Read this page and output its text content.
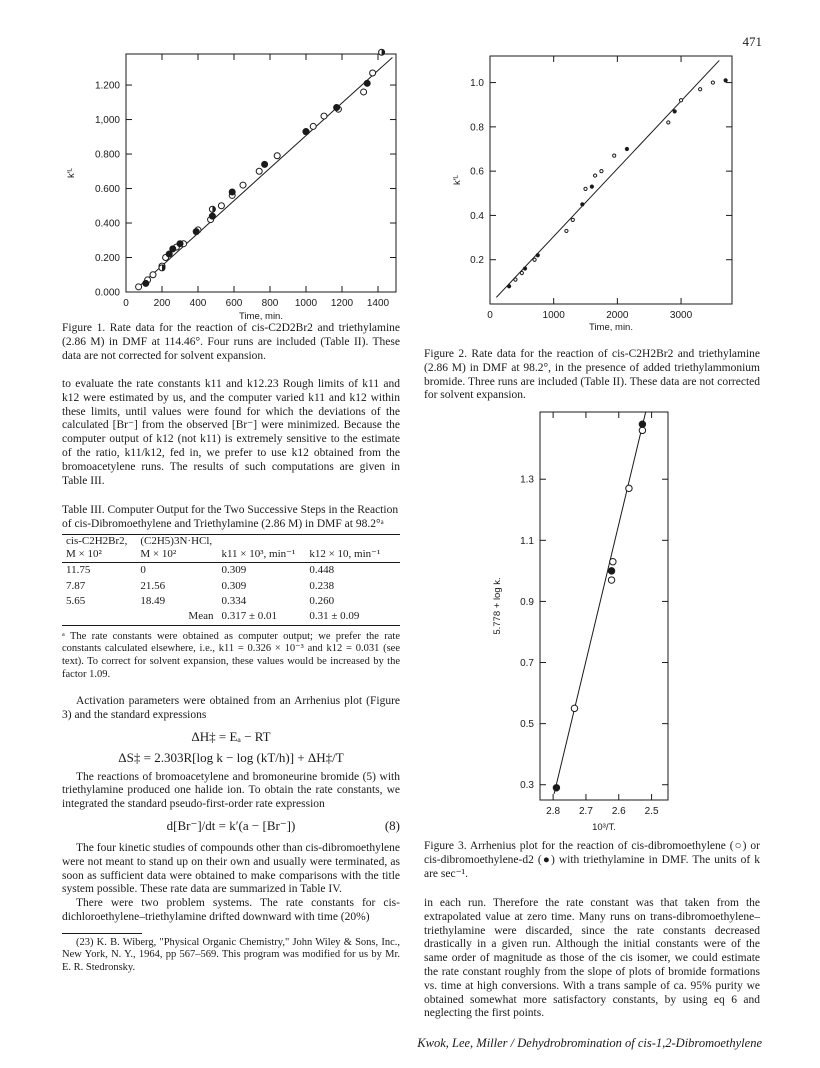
471
0 200 400 600 800 1000 1200 1400
0.000
0.200
0.400
0.600
0.800
1,000
1.200
Time, min.
k'ᴸ
Figure 1. Rate data for the reaction of cis-C2D2Br2 and triethylamine (2.86 M) in DMF at 114.46°. Four runs are included (Table II). These data are not corrected for solvent expansion.
0	1000	2000	3000
0.2
0.4
0.6
0.8
1.0
Time, min.
k'ᴸ
Figure 2. Rate data for the reaction of cis-C2H2Br2 and triethylamine (2.86 M) in DMF at 98.2°, in the presence of added triethylammonium bromide. Three runs are included (Table II). These data are not corrected for solvent expansion.
2.8 2.7 2.6 2.5
0.3
0.5
0.7
0.9
1.1
1.3
10³/T.
5.778 + log k.
Figure 3. Arrhenius plot for the reaction of cis-dibromoethylene (○) or cis-dibromoethylene-d2 (●) with triethylamine in DMF. The units of k are sec⁻¹.

to evaluate the rate constants k11 and k12.23 Rough limits of k11 and k12 were estimated by us, and the computer varied k11 and k12 within these limits, until values were found for which the deviations of the calculated [Br⁻] from the observed [Br⁻] were minimized. Because the computer output of k12 (not k11) is extremely sensitive to the estimate of the ratio, k11/k12, fed in, we prefer to use k12 obtained from the bromoacetylene runs. The results of such computations are given in Table III.

Table III. Computer Output for the Two Successive Steps in the Reaction of cis-Dibromoethylene and Triethylamine (2.86 M) in DMF at 98.2°ᵃ

cis-C2H2Br2, M × 10²	(C2H5)3N·HCl, M × 10²	k11 × 10³, min⁻¹	k12 × 10, min⁻¹

11.75	0	0.309	0.448
7.87	21.56	0.309	0.238
5.65	18.49	0.334	0.260
	Mean	0.317 ± 0.01	0.31 ± 0.09

ᵃ The rate constants were obtained as computer output; we prefer the rate constants calculated elsewhere, i.e., k11 = 0.326 × 10⁻³ and k12 = 0.031 (see text). To correct for solvent expansion, these values would be increased by the factor 1.09.

Activation parameters were obtained from an Arrhenius plot (Figure 3) and the standard expressions

ΔH‡ = Eₐ − RT
ΔS‡ = 2.303R[log k − log (kT/h)] + ΔH‡/T

The reactions of bromoacetylene and bromoneurine bromide (5) with triethylamine produced one halide ion. To obtain the rate constants, we integrated the standard pseudo-first-order rate expression

d[Br⁻]/dt = k′(a − [Br⁻])	(8)

The four kinetic studies of compounds other than cis-dibromoethylene were not meant to stand up on their own and usually were terminated, as soon as sufficient data were obtained to make comparisons with the title system possible. These rate data are summarized in Table IV.

There were two problem systems. The rate constants for cis-dichloroethylene–triethylamine drifted downward with time (20%)

(23) K. B. Wiberg, "Physical Organic Chemistry," John Wiley & Sons, Inc., New York, N. Y., 1964, pp 567–569. This program was modified for us by Mr. E. R. Stedronsky.

in each run. Therefore the rate constant was that taken from the extrapolated value at zero time. Many runs on trans-dibromoethylene–triethylamine were discarded, since the rate constants decreased drastically in a given run. Although the initial constants were of the same order of magnitude as those of the cis isomer, we could estimate the rate constant roughly from the slope of plots of bromide formations vs. time at high conversions. With a trans sample of ca. 95% purity we obtained somewhat more satisfactory constants, by using eq 6 and neglecting the first points.

Kwok, Lee, Miller / Dehydrobromination of cis-1,2-Dibromoethylene
